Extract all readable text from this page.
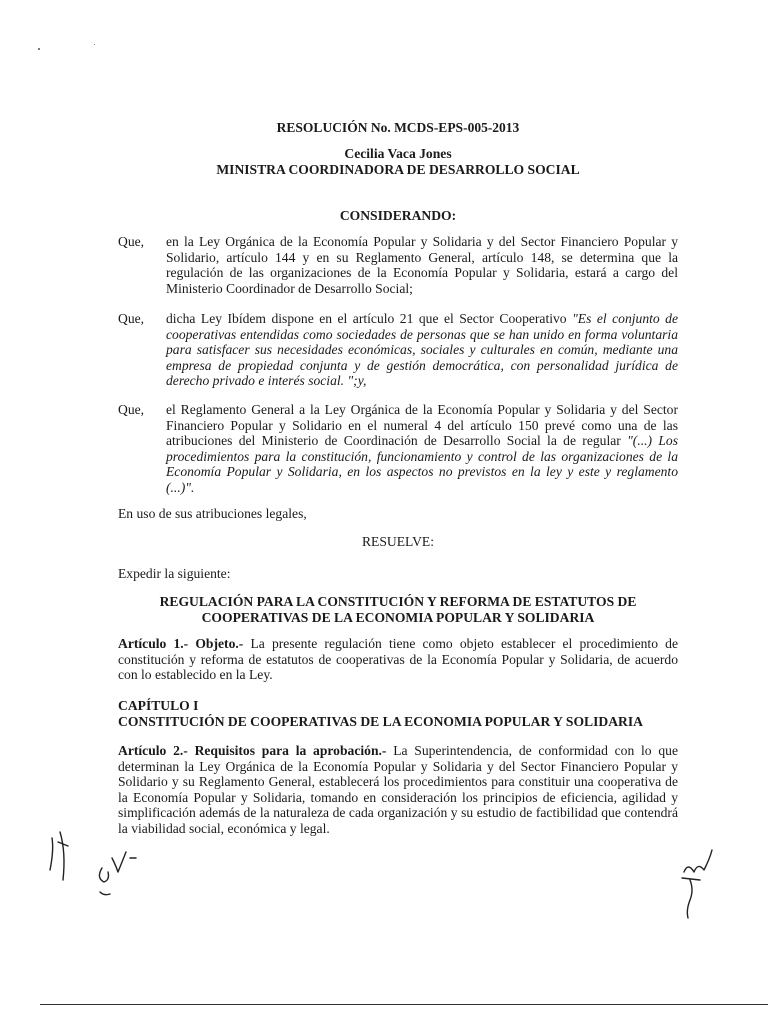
RESOLUCIÓN No. MCDS-EPS-005-2013
Cecilia Vaca Jones
MINISTRA COORDINADORA DE DESARROLLO SOCIAL
CONSIDERANDO:
Que, en la Ley Orgánica de la Economía Popular y Solidaria y del Sector Financiero Popular y Solidario, artículo 144 y en su Reglamento General, artículo 148, se determina que la regulación de las organizaciones de la Economía Popular y Solidaria, estará a cargo del Ministerio Coordinador de Desarrollo Social;
Que, dicha Ley Ibídem dispone en el artículo 21 que el Sector Cooperativo "Es el conjunto de cooperativas entendidas como sociedades de personas que se han unido en forma voluntaria para satisfacer sus necesidades económicas, sociales y culturales en común, mediante una empresa de propiedad conjunta y de gestión democrática, con personalidad jurídica de derecho privado e interés social. ";y,
Que, el Reglamento General a la Ley Orgánica de la Economía Popular y Solidaria y del Sector Financiero Popular y Solidario en el numeral 4 del artículo 150 prevé como una de las atribuciones del Ministerio de Coordinación de Desarrollo Social la de regular "(...) Los procedimientos para la constitución, funcionamiento y control de las organizaciones de la Economía Popular y Solidaria, en los aspectos no previstos en la ley y este y reglamento (...)".
En uso de sus atribuciones legales,
RESUELVE:
Expedir la siguiente:
REGULACIÓN PARA LA CONSTITUCIÓN Y REFORMA DE ESTATUTOS DE COOPERATIVAS DE LA ECONOMIA POPULAR Y SOLIDARIA
Artículo 1.- Objeto.- La presente regulación tiene como objeto establecer el procedimiento de constitución y reforma de estatutos de cooperativas de la Economía Popular y Solidaria, de acuerdo con lo establecido en la Ley.
CAPÍTULO I
CONSTITUCIÓN DE COOPERATIVAS DE LA ECONOMIA POPULAR Y SOLIDARIA
Artículo 2.- Requisitos para la aprobación.- La Superintendencia, de conformidad con lo que determinan la Ley Orgánica de la Economía Popular y Solidaria y del Sector Financiero Popular y Solidario y su Reglamento General, establecerá los procedimientos para constituir una cooperativa de la Economía Popular y Solidaria, tomando en consideración los principios de eficiencia, agilidad y simplificación además de la naturaleza de cada organización y su estudio de factibilidad que contendrá la viabilidad social, económica y legal.
